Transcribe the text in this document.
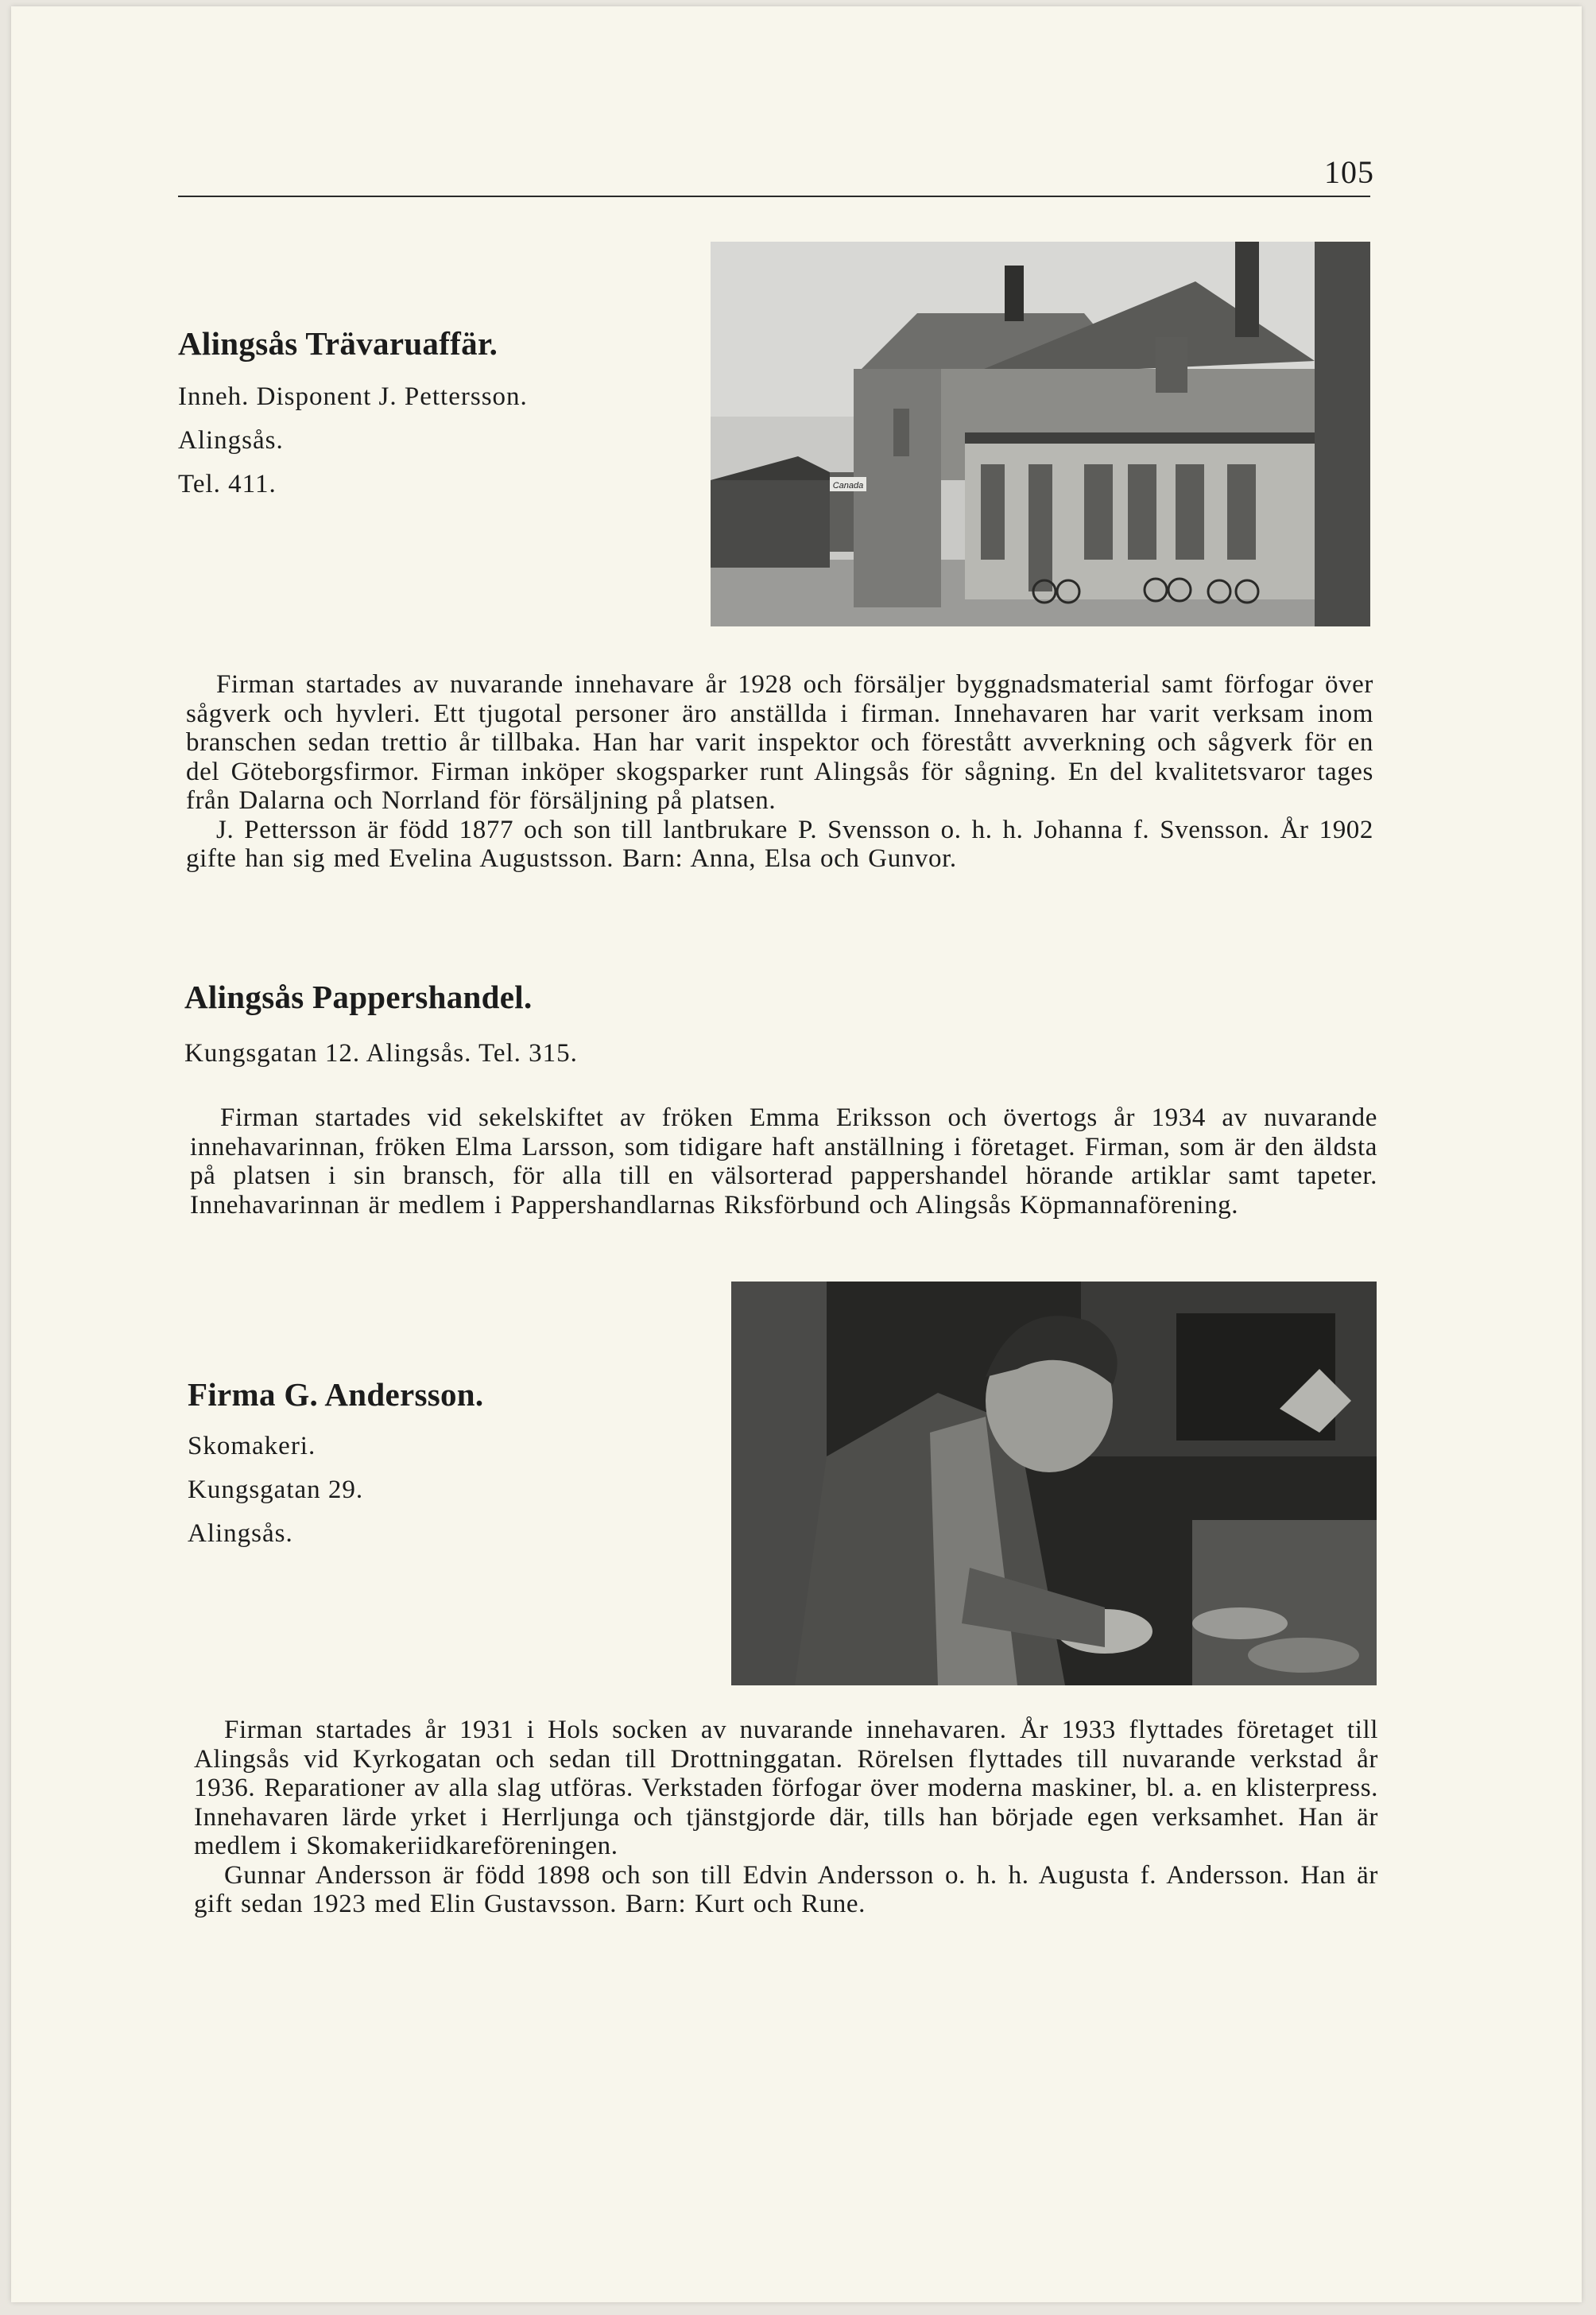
105
Alingsås Trävaruaffär.
Inneh. Disponent J. Pettersson.
Alingsås.
Tel. 411.	Canada

Firman startades av nuvarande innehavare år 1928 och försäljer byggnadsmaterial samt förfogar över sågverk och hyvleri. Ett tjugotal personer äro anställda i firman. Innehavaren har varit verksam inom branschen sedan trettio år tillbaka. Han har varit inspektor och förestått avverkning och sågverk för en del Göteborgsfirmor. Firman inköper skogsparker runt Alingsås för sågning. En del kvalitetsvaror tages från Dalarna och Norrland för försäljning på platsen.

J. Pettersson är född 1877 och son till lantbrukare P. Svensson o. h. h. Johanna f. Svensson. År 1902 gifte han sig med Evelina Augustsson. Barn: Anna, Elsa och Gunvor.

Alingsås Pappershandel.
Kungsgatan 12. Alingsås. Tel. 315.

Firman startades vid sekelskiftet av fröken Emma Eriksson och övertogs år 1934 av nuvarande innehavarinnan, fröken Elma Larsson, som tidigare haft anställning i företaget. Firman, som är den äldsta på platsen i sin bransch, för alla till en välsorterad pappershandel hörande artiklar samt tapeter. Innehavarinnan är medlem i Pappershandlarnas Riksförbund och Alingsås Köpmannaförening.

Firma G. Andersson.
Skomakeri.
Kungsgatan 29.
Alingsås.

Firman startades år 1931 i Hols socken av nuvarande innehavaren. År 1933 flyttades företaget till Alingsås vid Kyrkogatan och sedan till Drottninggatan. Rörelsen flyttades till nuvarande verkstad år 1936. Reparationer av alla slag utföras. Verkstaden förfogar över moderna maskiner, bl. a. en klisterpress. Innehavaren lärde yrket i Herrljunga och tjänstgjorde där, tills han började egen verksamhet. Han är medlem i Skomakeriidkareföreningen.

Gunnar Andersson är född 1898 och son till Edvin Andersson o. h. h. Augusta f. Andersson. Han är gift sedan 1923 med Elin Gustavsson. Barn: Kurt och Rune.
